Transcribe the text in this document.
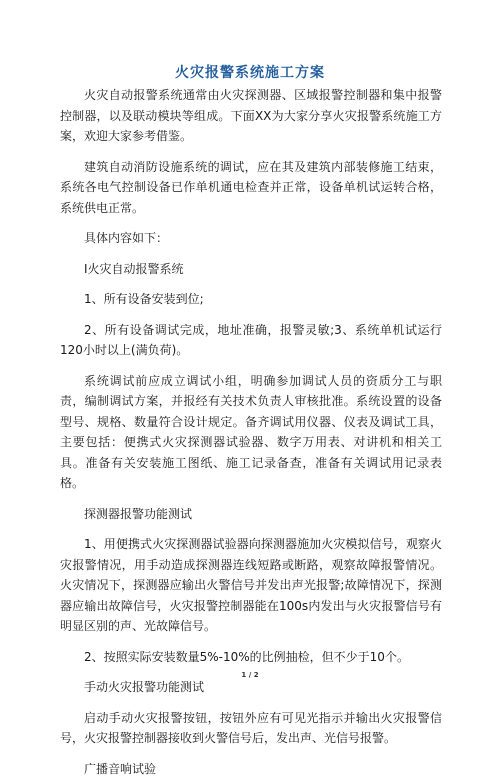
火灾报警系统施工方案

火灾自动报警系统通常由火灾探测器、区域报警控制器和集中报警控制器，以及联动模块等组成。下面XX为大家分享火灾报警系统施工方案，欢迎大家参考借鉴。

建筑自动消防设施系统的调试，应在其及建筑内部装修施工结束，系统各电气控制设备已作单机通电检查并正常，设备单机试运转合格，系统供电正常。

具体内容如下：

I火灾自动报警系统

1、所有设备安装到位;

2、所有设备调试完成，地址准确，报警灵敏;3、系统单机试运行120小时以上(满负荷)。

系统调试前应成立调试小组，明确参加调试人员的资质分工与职责，编制调试方案，并报经有关技术负责人审核批准。系统设置的设备型号、规格、数量符合设计规定。备齐调试用仪器、仪表及调试工具，主要包括：便携式火灾探测器试验器、数字万用表、对讲机和相关工具。准备有关安装施工图纸、施工记录备查，准备有关调试用记录表格。

探测器报警功能测试

1、用便携式火灾探测器试验器向探测器施加火灾模拟信号，观察火灾报警情况，用手动造成探测器连线短路或断路，观察故障报警情况。火灾情况下，探测器应输出火警信号并发出声光报警;故障情况下，探测器应输出故障信号，火灾报警控制器能在100s内发出与火灾报警信号有明显区别的声、光故障信号。

2、按照实际安装数量5%-10%的比例抽检，但不少于10个。

手动火灾报警功能测试

启动手动火灾报警按钮，按钮外应有可见光指示并输出火灾报警信号，火灾报警控制器接收到火警信号后，发出声、光信号报警。

广播音响试验

1 / 2
